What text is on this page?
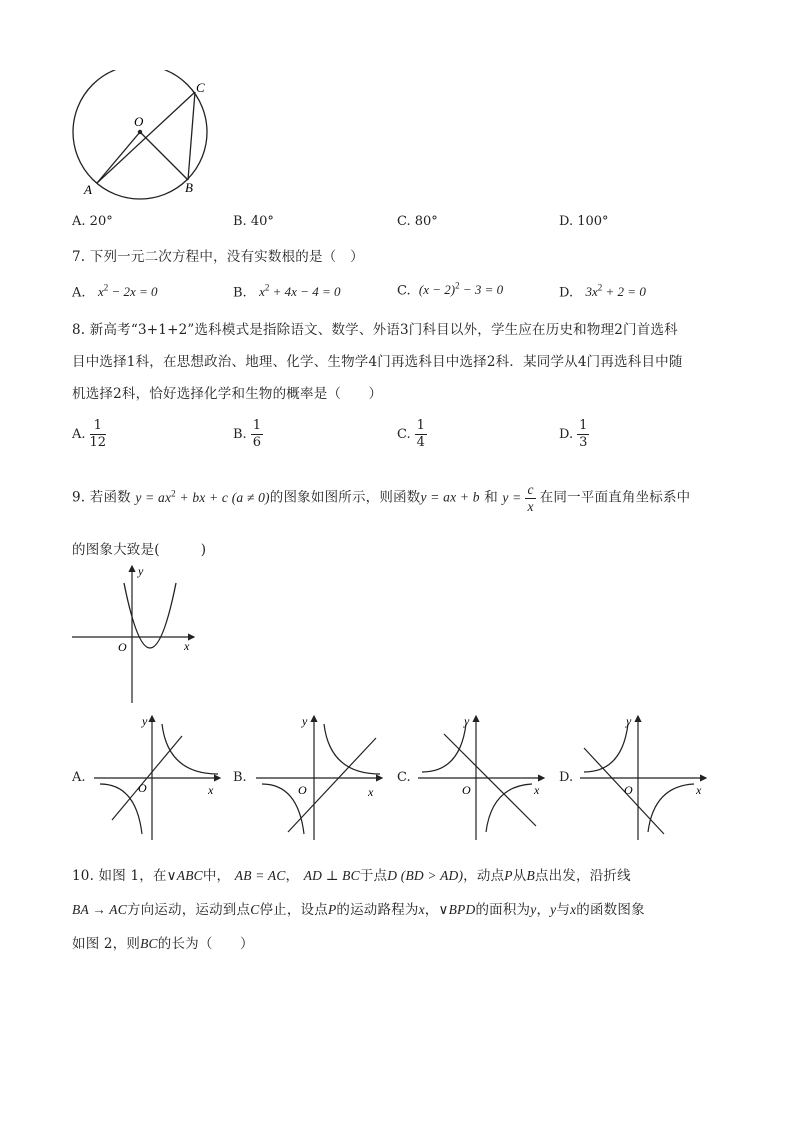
O
A	B
C
A. 20°	B. 40°	C. 80°	D. 100°
7. 下列一元二次方程中，没有实数根的是（　）
A. $x^2 - 2x = 0$	B. $x^2 + 4x - 4 = 0$	C. $(x - 2)^2 - 3 = 0$	D. $3x^2 + 2 = 0$
8. 新高考“3+1+2”选科模式是指除语文、数学、外语3门科目以外，学生应在历史和物理2门首选科
目中选择1科，在思想政治、地理、化学、生物学4门再选科目中选择2科．某同学从4门再选科目中随
机选择2科，恰好选择化学和生物的概率是（　　）
A. $\frac{1}{12}$	B. $\frac{1}{6}$	C. $\frac{1}{4}$	D. $\frac{1}{3}$
9. 若函数 $y = ax^2$ + bx + c (a ≠ 0)的图象如图所示，则函数y = ax + b 和 $y = \frac{c}{x}$ 在同一平面直角坐标系中
的图象大致是(　　　)
y
O	x
A.
y
O	x
B.
y
O	x
C.
y
O	x
D.
y
O	x
10. 如图 1，在∨ABC中， AB = AC， AD ⊥ BC于点D (BD > AD)，动点P从B点出发，沿折线
BA → AC方向运动，运动到点C停止，设点P的运动路程为x，∨BPD的面积为y，y与x的函数图象
如图 2，则BC的长为（　　）
